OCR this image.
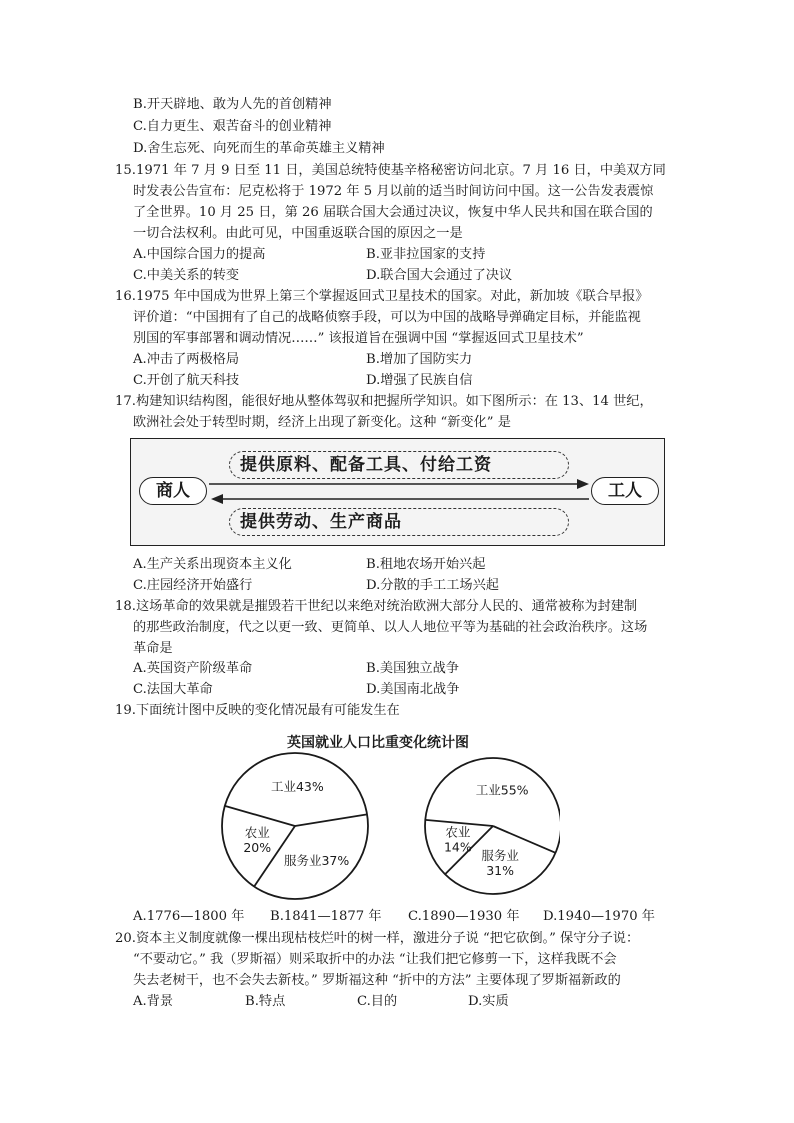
B.开天辟地、敢为人先的首创精神
C.自力更生、艰苦奋斗的创业精神
D.舍生忘死、向死而生的革命英雄主义精神
15.1971 年 7 月 9 日至 11 日，美国总统特使基辛格秘密访问北京。7 月 16 日，中美双方同
时发表公告宣布：尼克松将于 1972 年 5 月以前的适当时间访问中国。这一公告发表震惊
了全世界。10 月 25 日，第 26 届联合国大会通过决议，恢复中华人民共和国在联合国的
一切合法权利。由此可见，中国重返联合国的原因之一是
A.中国综合国力的提高	B.亚非拉国家的支持
C.中美关系的转变	D.联合国大会通过了决议
16.1975 年中国成为世界上第三个掌握返回式卫星技术的国家。对此，新加坡《联合早报》
评价道：“中国拥有了自己的战略侦察手段，可以为中国的战略导弹确定目标，并能监视
別国的军事部署和调动情况……” 该报道旨在强调中国 “掌握返回式卫星技术”
A.冲击了两极格局	B.增加了国防实力
C.开创了航天科技	D.增强了民族自信
17.构建知识结构图，能很好地从整体驾驭和把握所学知识。如下图所示：在 13、14 世纪，
欧洲社会处于转型时期，经济上出现了新变化。这种 “新变化” 是
提供原料、配备工具、付给工资
提供劳动、生产商品
商人	工人
A.生产关系出现资本主义化	B.租地农场开始兴起
C.庄园经济开始盛行	D.分散的手工工场兴起
18.这场革命的效果就是摧毁若干世纪以来绝对统治欧洲大部分人民的、通常被称为封建制
的那些政治制度，代之以更一致、更简单、以人人地位平等为基础的社会政治秩序。这场
革命是
A.英国资产阶级革命	B.美国独立战争
C.法国大革命	D.美国南北战争
19.下面统计图中反映的变化情况最有可能发生在
英国就业人口比重变化统计图
农业
20%
工业43%
服务业37%
农业
14%
工业55%
服务业
31%
A.1776—1800 年 B.1841—1877 年 C.1890—1930 年 D.1940—1970 年
20.资本主义制度就像一棵出现枯枝烂叶的树一样，激进分子说 “把它砍倒。” 保守分子说：
“不要动它。” 我（罗斯福）则采取折中的办法 “让我们把它修剪一下，这样我既不会
失去老树干，也不会失去新枝。” 罗斯福这种 “折中的方法” 主要体现了罗斯福新政的
A.背景	B.特点	C.目的	D.实质
